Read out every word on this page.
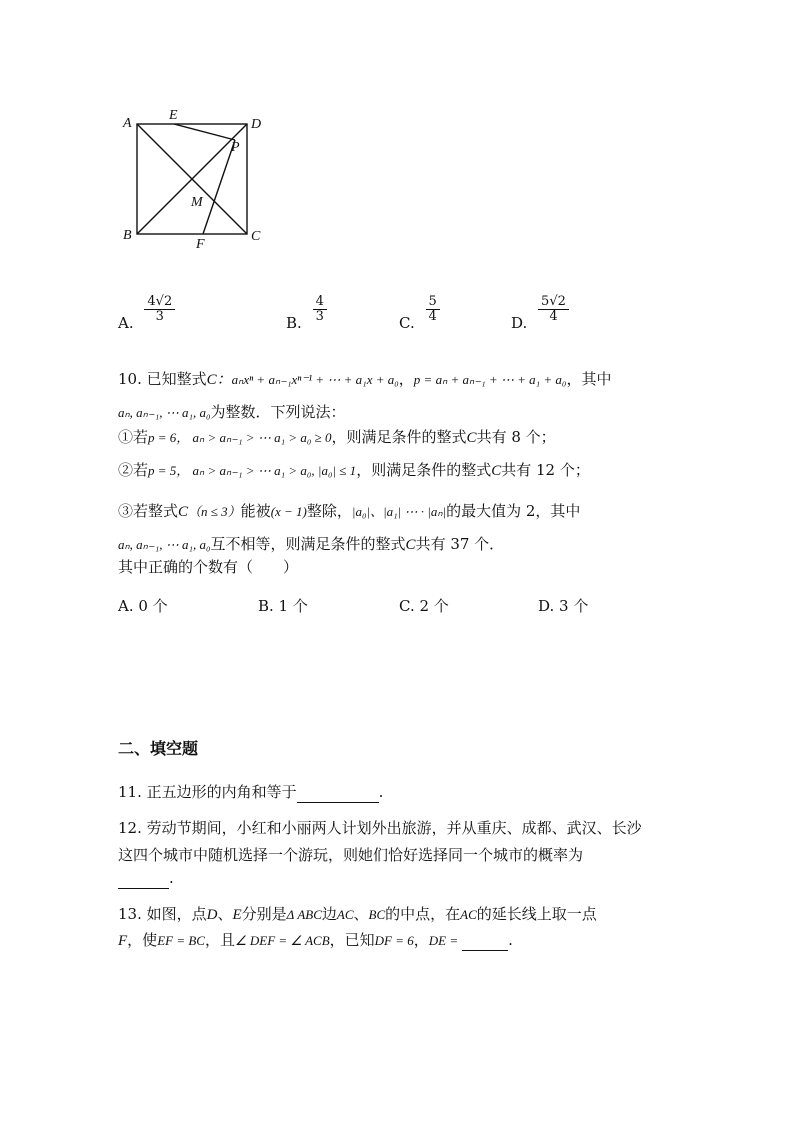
A
E
D
P
M
B
F
C
A. $\frac{4√2}{3}$	B. $\frac{4}{3}$	C. $\frac{5}{4}$	D. $\frac{5√2}{4}$
10. 已知整式C：aₙxⁿ + aₙ₋₁xⁿ⁻¹ + ⋯ + a₁x + a₀，p = aₙ + aₙ₋₁ + ⋯ + a₁ + a₀，其中
aₙ, aₙ₋₁, ⋯ a₁, a₀为整数．下列说法：
①若p = 6， aₙ > aₙ₋₁ > ⋯ a₁ > a₀ ≥ 0，则满足条件的整式C共有 8 个；
②若p = 5， aₙ > aₙ₋₁ > ⋯ a₁ > a₀, |a₀| ≤ 1，则满足条件的整式C共有 12 个；
③若整式C（n ≤ 3）能被(x − 1)整除，|a₀|、|a₁| ⋯ · |aₙ|的最大值为 2，其中
aₙ, aₙ₋₁, ⋯ a₁, a₀互不相等，则满足条件的整式C共有 37 个．
其中正确的个数有（　　）
A. 0 个	B. 1 个	C. 2 个	D. 3 个
二、填空题
11. 正五边形的内角和等于	.
12. 劳动节期间，小红和小丽两人计划外出旅游，并从重庆、成都、武汉、长沙
这四个城市中随机选择一个游玩，则她们恰好选择同一个城市的概率为
.
13. 如图，点D、E分别是Δ ABC边AC、BC的中点，在AC的延长线上取一点
F，使EF = BC，且∠ DEF = ∠ ACB，已知DF = 6，DE =	.
